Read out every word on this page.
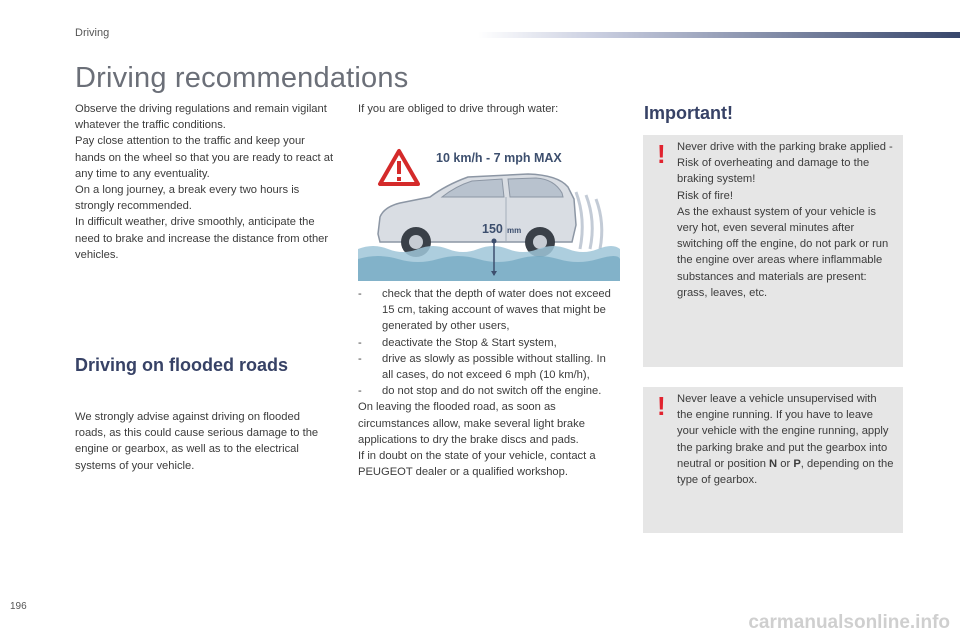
Driving
Driving recommendations

Observe the driving regulations and remain vigilant whatever the traffic conditions.

Pay close attention to the traffic and keep your hands on the wheel so that you are ready to react at any time to any eventuality.

On a long journey, a break every two hours is strongly recommended.

In difficult weather, drive smoothly, anticipate the need to brake and increase the distance from other vehicles.

Driving on flooded roads

We strongly advise against driving on flooded roads, as this could cause serious damage to the engine or gearbox, as well as to the electrical systems of your vehicle.

If you are obliged to drive through water:

10 km/h - 7 mph MAX
150 mm
- check that the depth of water does not exceed 15 cm, taking account of waves that might be generated by other users,
- deactivate the Stop & Start system,
- drive as slowly as possible without stalling. In all cases, do not exceed 6 mph (10 km/h),
- do not stop and do not switch off the engine.

On leaving the flooded road, as soon as circumstances allow, make several light brake applications to dry the brake discs and pads.

If in doubt on the state of your vehicle, contact a PEUGEOT dealer or a qualified workshop.

Important!
! Never drive with the parking brake applied - Risk of overheating and damage to the braking system!

Risk of fire!

As the exhaust system of your vehicle is very hot, even several minutes after switching off the engine, do not park or run the engine over areas where inflammable substances and materials are present: grass, leaves, etc.

! Never leave a vehicle unsupervised with the engine running. If you have to leave your vehicle with the engine running, apply the parking brake and put the gearbox into neutral or position N or P, depending on the type of gearbox.

196
carmanualsonline.info
